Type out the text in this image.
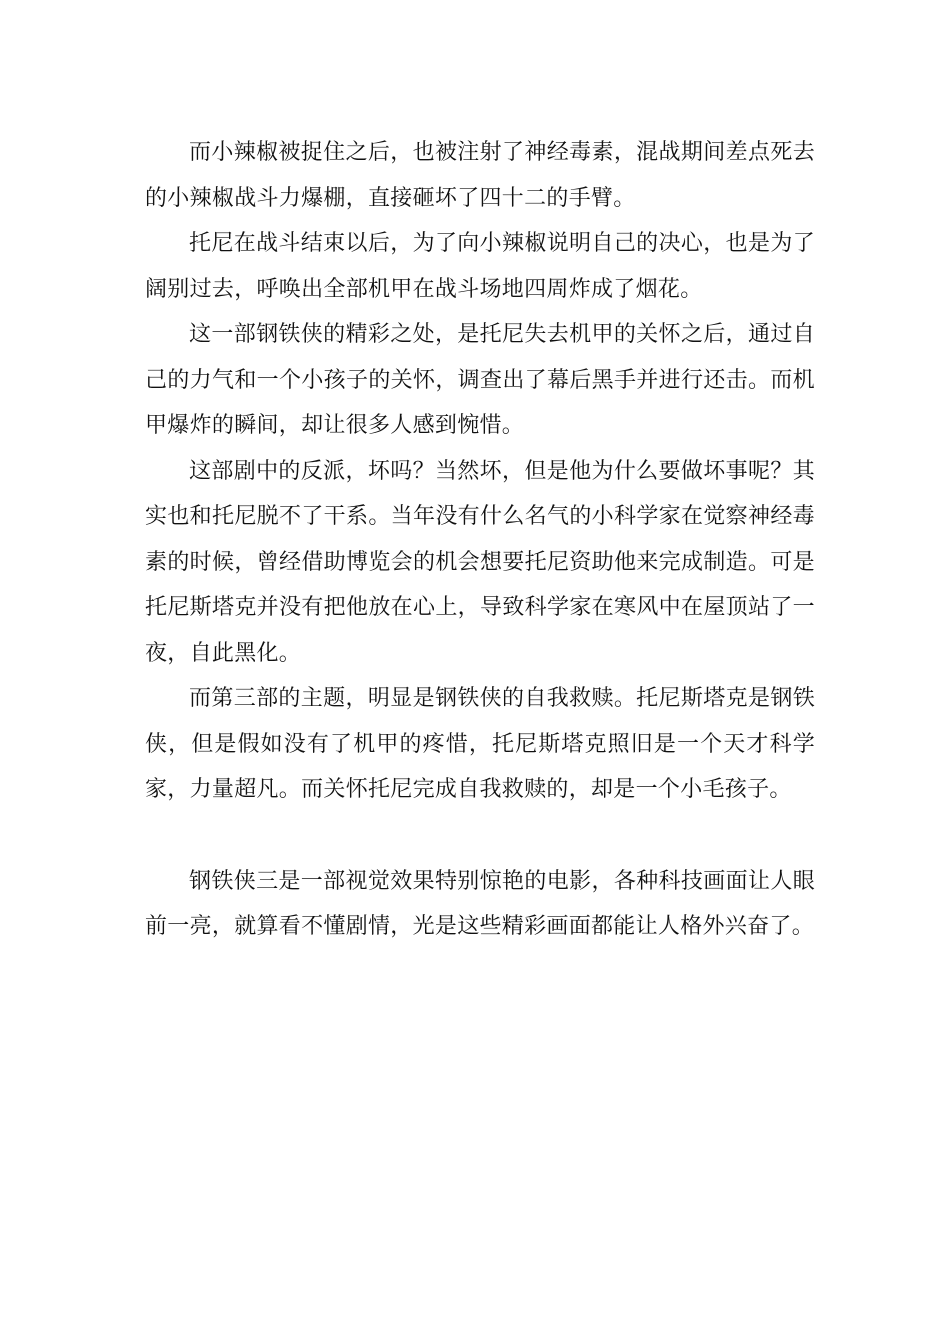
而小辣椒被捉住之后，也被注射了神经毒素，混战期间差点死去的小辣椒战斗力爆棚，直接砸坏了四十二的手臂。

托尼在战斗结束以后，为了向小辣椒说明自己的决心，也是为了阔别过去，呼唤出全部机甲在战斗场地四周炸成了烟花。

这一部钢铁侠的精彩之处，是托尼失去机甲的关怀之后，通过自己的力气和一个小孩子的关怀，调查出了幕后黑手并进行还击。而机甲爆炸的瞬间，却让很多人感到惋惜。

这部剧中的反派，坏吗？当然坏，但是他为什么要做坏事呢？其实也和托尼脱不了干系。当年没有什么名气的小科学家在觉察神经毒素的时候，曾经借助博览会的机会想要托尼资助他来完成制造。可是托尼斯塔克并没有把他放在心上，导致科学家在寒风中在屋顶站了一夜，自此黑化。

而第三部的主题，明显是钢铁侠的自我救赎。托尼斯塔克是钢铁侠，但是假如没有了机甲的疼惜，托尼斯塔克照旧是一个天才科学家，力量超凡。而关怀托尼完成自我救赎的，却是一个小毛孩子。

钢铁侠三是一部视觉效果特别惊艳的电影，各种科技画面让人眼前一亮，就算看不懂剧情，光是这些精彩画面都能让人格外兴奋了。
